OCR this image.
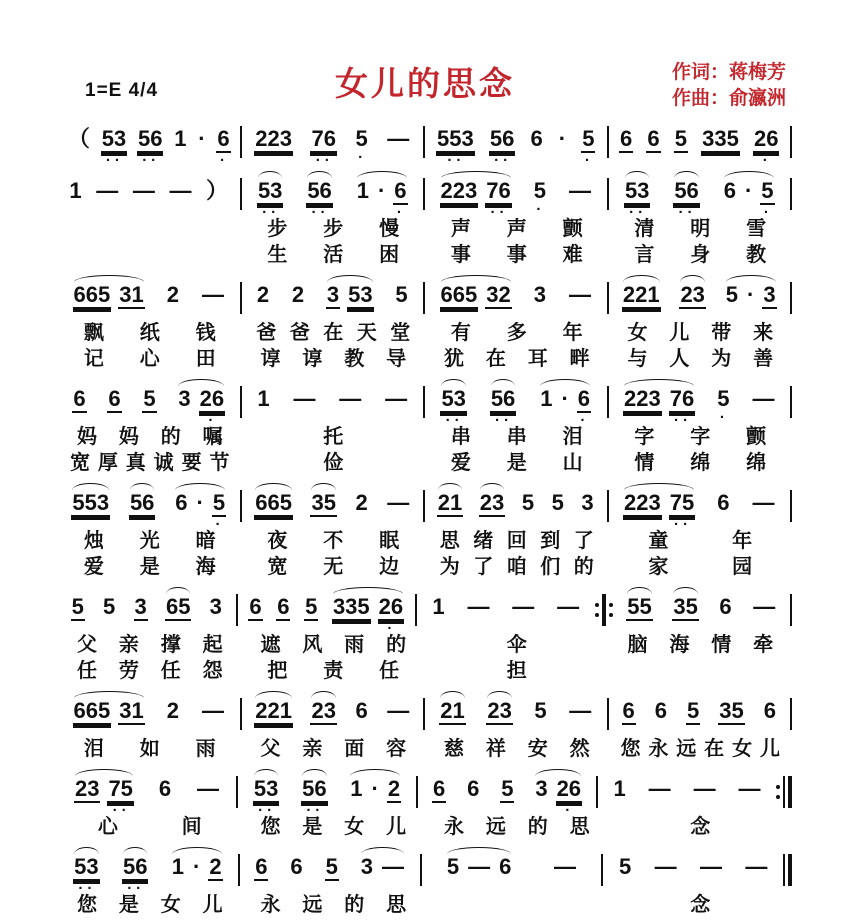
1=E 4/4	女儿的思念	作词：蒋梅芳
作曲：俞瀛洲
（ 53
··
56
··
1 · 6
·
223 76
··
5
·
— 553
··
56
··
6 · 5
·
6 6 5 335 26
·
1 — — — ） 53
··
56
··
1 · 6
·
223 76
··
5
·
— 53
··
56
··
6 · 5
·
步 步 慢	声 声 颤	清 明 雪
生 活 困	事 事 难	言 身 教
665 31 2 — 2 2 3 53 5 665 32 3 — 221 23 5 · 3
飘 纸 钱 爸 爸 在 天 堂 有 多 年 女 儿 带 来
记 心 田 谆 谆 教 导 犹 在 耳 畔 与 人 为 善
6 6 5 3 26
·
1 — — — 53
··
56
··
1 · 6
·
223 76
··
5
·
—
妈 妈 的 嘱	托	串 串 泪	字 字 颤
宽 厚 真 诚 要 节	俭	爱 是 山	情 绵 绵
553 56 6 · 5
·
665 35 2 — 21 23 5 5 3 223 75
··
6 —
烛 光 暗	夜 不 眠 思 绪 回 到 了	童	年
爱 是 海	宽 无 边 为 了 咱 们 的	家	园
5 5 3 65 3 6 6 5 335 26
·
1 — — — 55 35 6 —
父 亲 撑 起 遮 风 雨 的	伞	脑 海 情 牵
任 劳 任 怨 把 责 任	担
665 31 2 — 221 23 6 — 21 23 5 — 6 6 5 35 6
泪 如 雨 父 亲 面 容 慈 祥 安 然 您 永 远 在 女 儿
23 75
··
6 — 53
··
56
··
1 · 2 6 6 5 3 26
·
1 — — —
心	间	您 是 女 儿 永 远 的 思	念
53
··
56
··
1 · 2 6 6 5 3 — 5 — 6 — 5 — — —
您 是 女 儿 永 远 的 思	念
